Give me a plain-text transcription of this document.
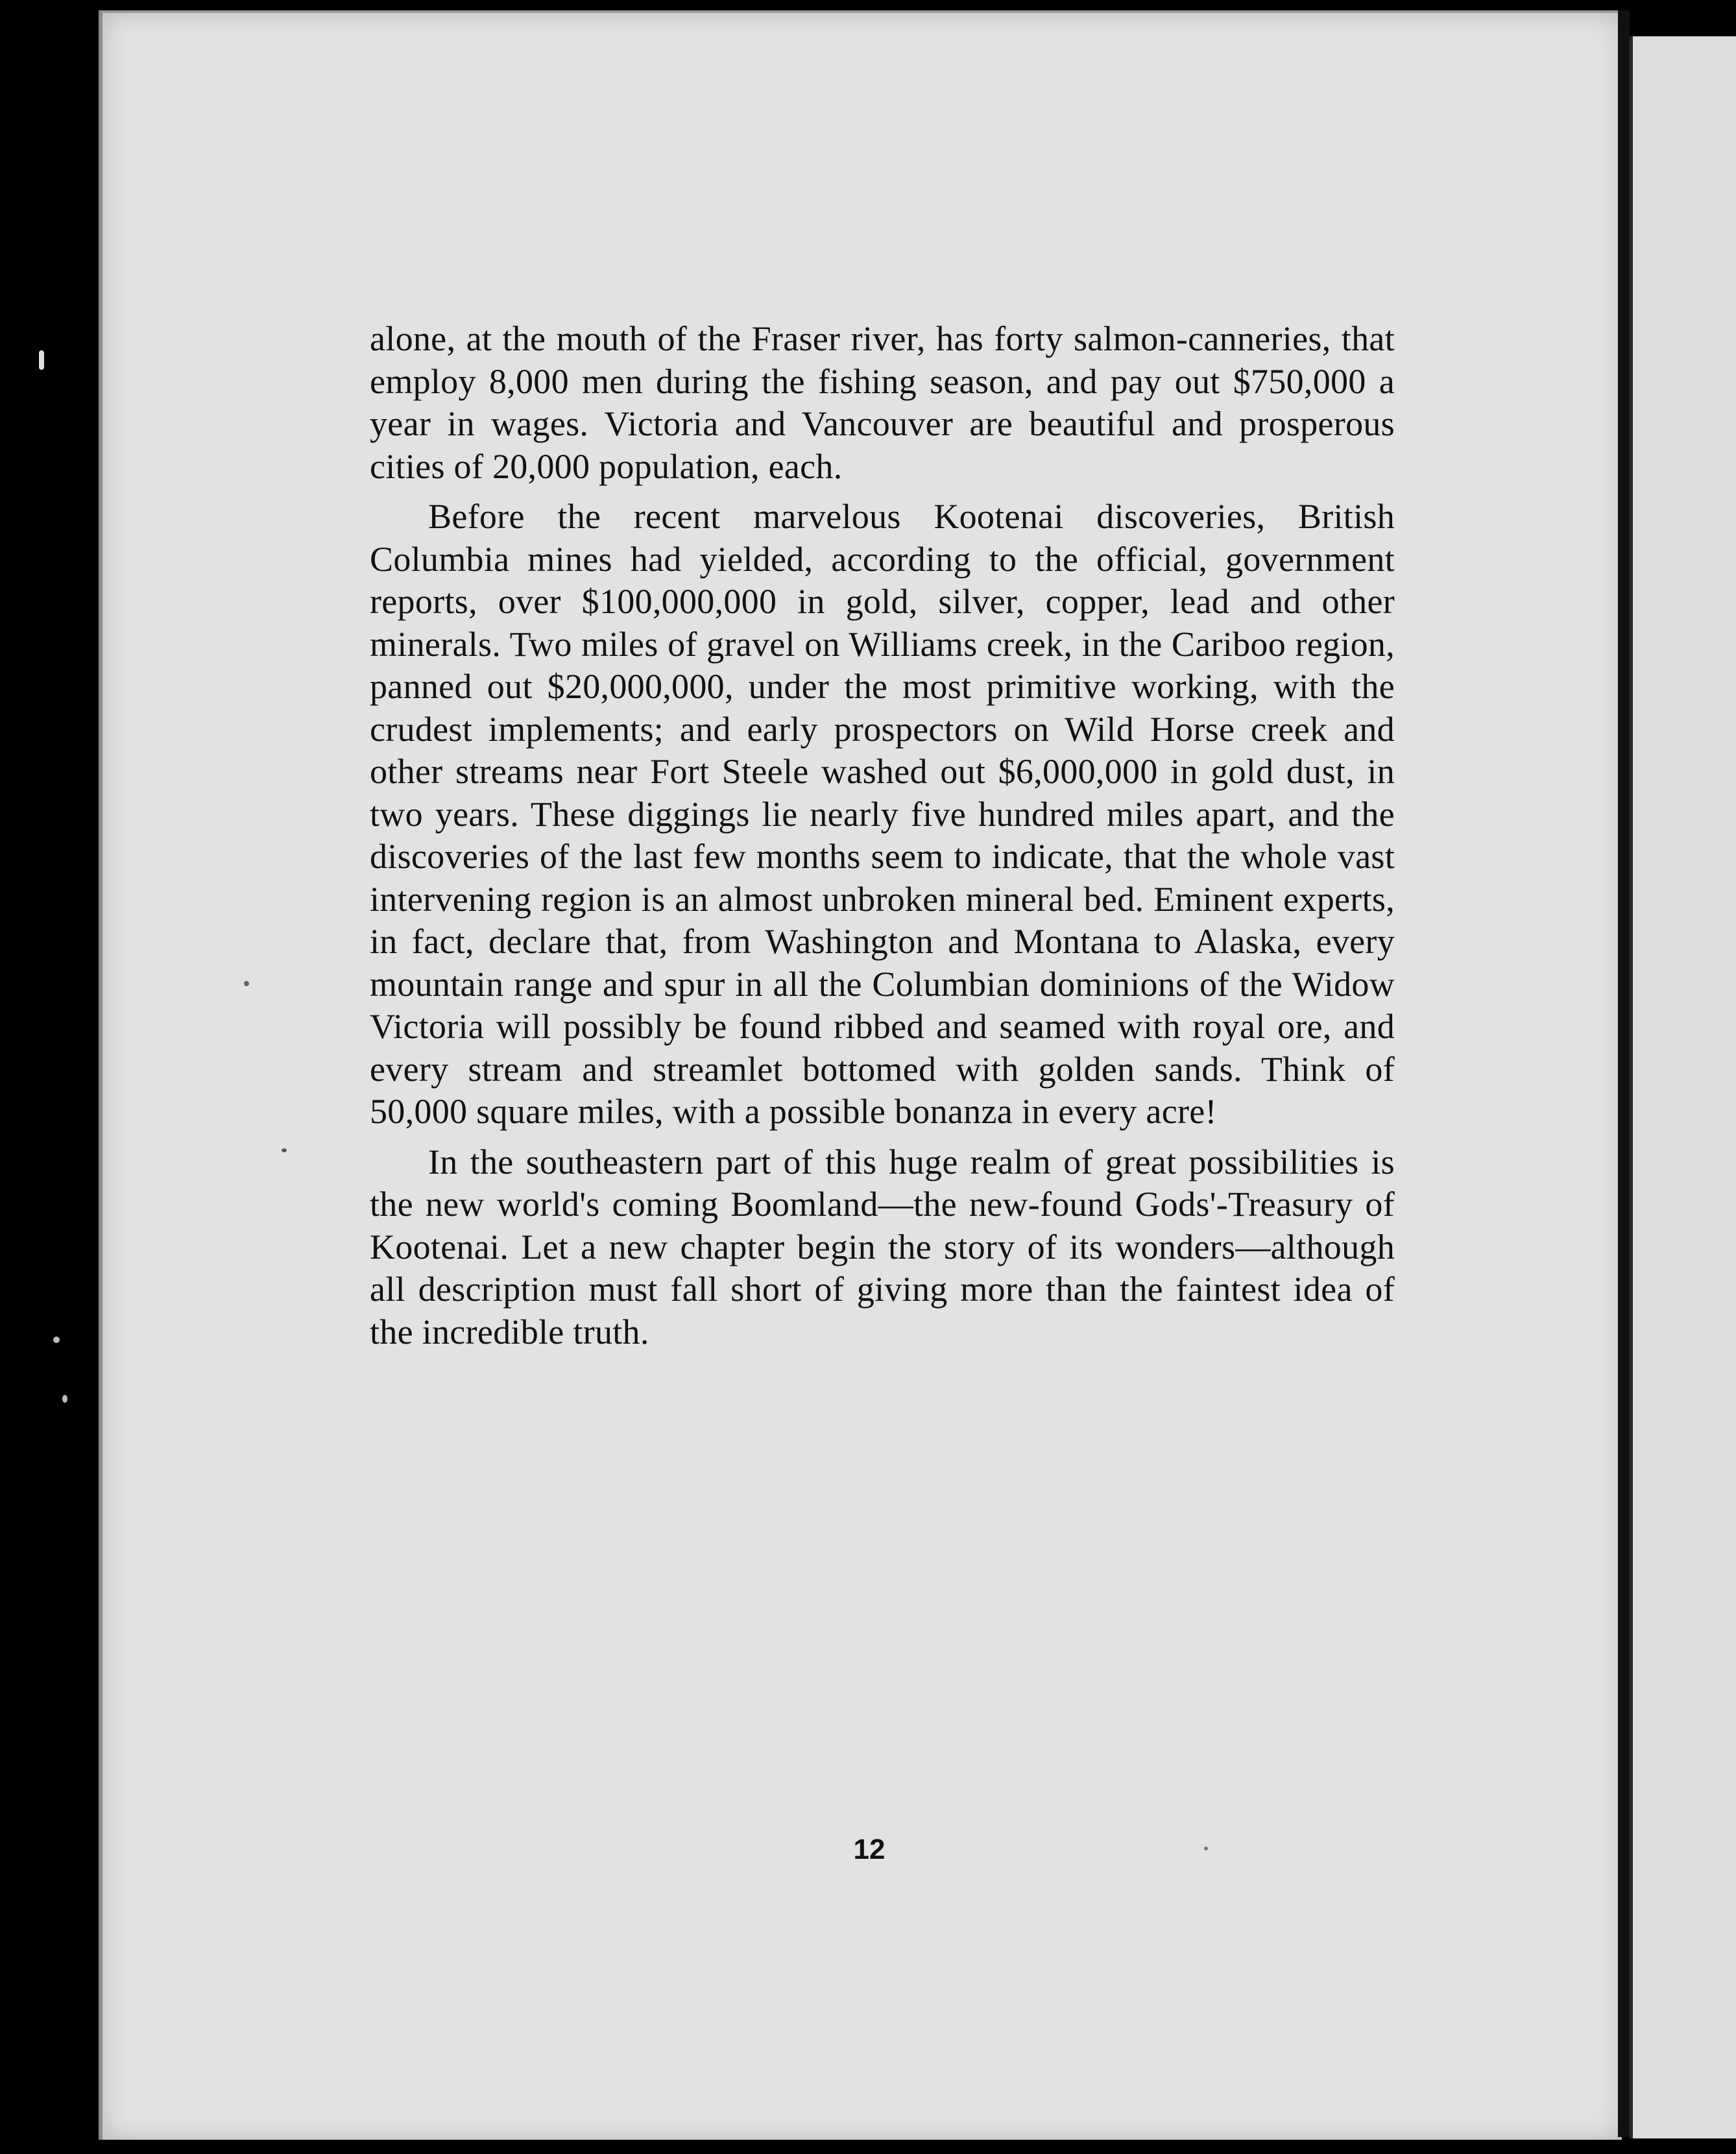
alone, at the mouth of the Fraser river, has forty salmon-canneries, that employ 8,000 men during the fishing season, and pay out $750,000 a year in wages. Victoria and Vancouver are beautiful and prosperous cities of 20,000 population, each.

Before the recent marvelous Kootenai discoveries, British Columbia mines had yielded, according to the official, government reports, over $100,000,000 in gold, silver, copper, lead and other minerals. Two miles of gravel on Williams creek, in the Cariboo region, panned out $20,000,000, under the most primitive working, with the crudest implements; and early prospectors on Wild Horse creek and other streams near Fort Steele washed out $6,000,000 in gold dust, in two years. These diggings lie nearly five hundred miles apart, and the discoveries of the last few months seem to indicate, that the whole vast intervening region is an almost unbroken mineral bed. Eminent experts, in fact, declare that, from Washington and Montana to Alaska, every mountain range and spur in all the Columbian dominions of the Widow Victoria will possibly be found ribbed and seamed with royal ore, and every stream and streamlet bottomed with golden sands. Think of 50,000 square miles, with a possible bonanza in every acre!

In the southeastern part of this huge realm of great possibilities is the new world's coming Boomland—the new-found Gods'-Treasury of Kootenai. Let a new chapter begin the story of its wonders—although all description must fall short of giving more than the faintest idea of the incredible truth.

12
